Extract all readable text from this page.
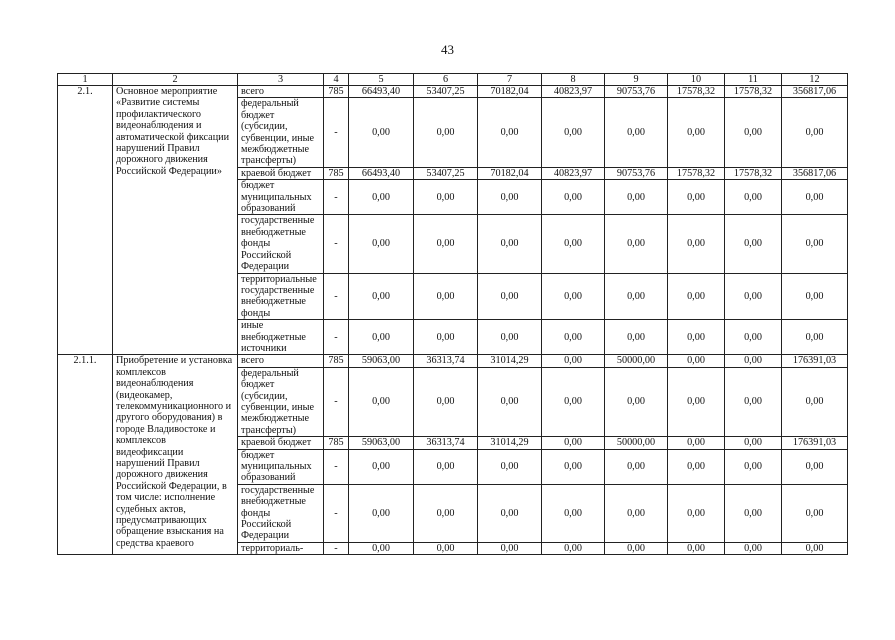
43
1	2	3	4	5	6	7	8	9	10	11	12
2.1.	Основное мероприятие «Развитие системы профилактического видеонаблюдения и автоматической фиксации нарушений Правил дорожного движения Российской Федерации»	всего	785	66493,40	53407,25	70182,04	40823,97	90753,76	17578,32	17578,32	356817,06
		федеральный бюджет (субсидии, субвенции, иные межбюджетные трансферты)	-	0,00	0,00	0,00	0,00	0,00	0,00	0,00	0,00
		краевой бюджет	785	66493,40	53407,25	70182,04	40823,97	90753,76	17578,32	17578,32	356817,06
		бюджет муниципальных образований	-	0,00	0,00	0,00	0,00	0,00	0,00	0,00	0,00
		государственные внебюджетные фонды Российской Федерации	-	0,00	0,00	0,00	0,00	0,00	0,00	0,00	0,00
		территориальные государственные внебюджетные фонды	-	0,00	0,00	0,00	0,00	0,00	0,00	0,00	0,00
		иные внебюджетные источники	-	0,00	0,00	0,00	0,00	0,00	0,00	0,00	0,00
2.1.1.	Приобретение и установка комплексов видеонаблюдения (видеокамер, телекоммуникационного и другого оборудования) в городе Владивостоке и комплексов видеофиксации нарушений Правил дорожного движения Российской Федерации, в том числе: исполнение судебных актов, предусматривающих обращение взыскания на средства краевого	всего	785	59063,00	36313,74	31014,29	0,00	50000,00	0,00	0,00	176391,03
		федеральный бюджет (субсидии, субвенции, иные межбюджетные трансферты)	-	0,00	0,00	0,00	0,00	0,00	0,00	0,00	0,00
		краевой бюджет	785	59063,00	36313,74	31014,29	0,00	50000,00	0,00	0,00	176391,03
		бюджет муниципальных образований	-	0,00	0,00	0,00	0,00	0,00	0,00	0,00	0,00
		государственные внебюджетные фонды Российской Федерации	-	0,00	0,00	0,00	0,00	0,00	0,00	0,00	0,00
		территориаль-	-	0,00	0,00	0,00	0,00	0,00	0,00	0,00	0,00
